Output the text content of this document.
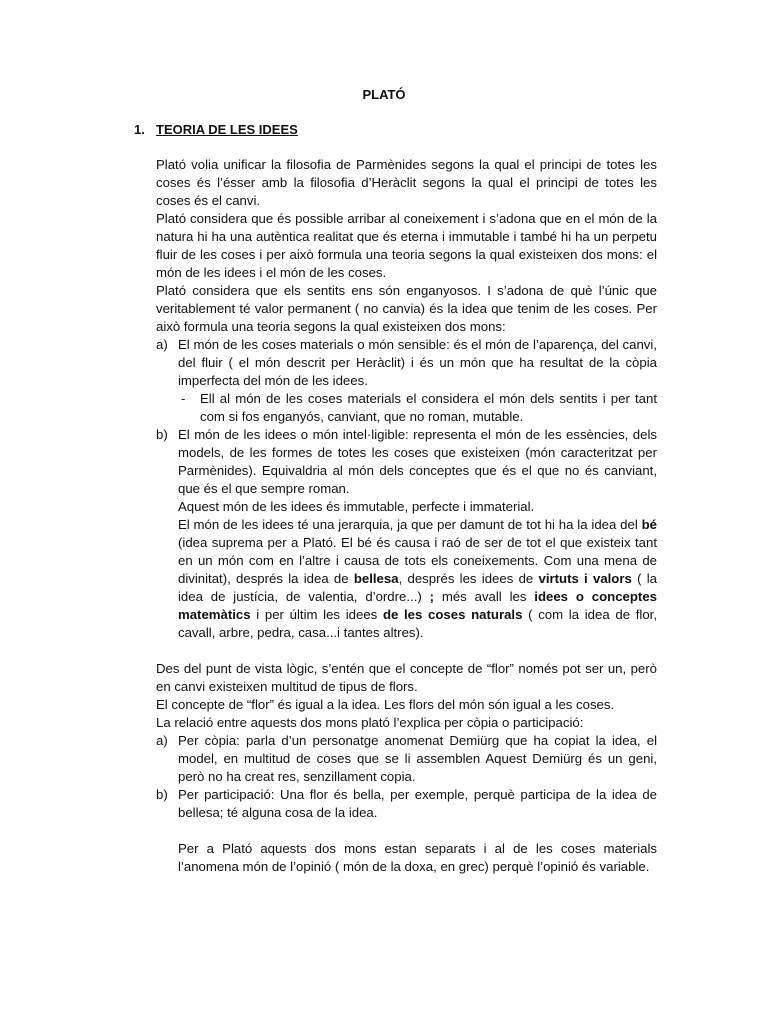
PLATÓ
1. TEORIA DE LES IDEES

Plató volia unificar la filosofia de Parmènides segons la qual el principi de totes les coses és l’ésser amb la filosofia d’Heràclit segons la qual el principi de totes les coses és el canvi.

Plató considera que és possible arribar al coneixement i s’adona que en el món de la natura hi ha una autèntica realitat que és eterna i immutable i també hi ha un perpetu fluir de les coses i per això formula una teoria segons la qual existeixen dos mons: el món de les idees i el món de les coses.

Plató considera que els sentits ens són enganyosos. I s’adona de què l’únic que veritablement té valor permanent ( no canvia) és la idea que tenim de les coses. Per això formula una teoria segons la qual existeixen dos mons:

a) El món de les coses materials o món sensible: és el món de l’aparença, del canvi, del fluir ( el món descrit per Heràclit) i és un món que ha resultat de la còpia imperfecta del món de les idees.
- Ell al món de les coses materials el considera el món dels sentits i per tant com si fos enganyós, canviant, que no roman, mutable.
b) El món de les idees o món intel·ligible: representa el món de les essències, dels models, de les formes de totes les coses que existeixen (món caracteritzat per Parmènides). Equivaldria al món dels conceptes que és el que no és canviant, que és el que sempre roman.

Aquest món de les idees és immutable, perfecte i immaterial.

El món de les idees té una jerarquia, ja que per damunt de tot hi ha la idea del bé (idea suprema per a Plató. El bé és causa i raó de ser de tot el que existeix tant en un món com en l’altre i causa de tots els coneixements. Com una mena de divinitat), després la idea de bellesa, després les idees de virtuts i valors ( la idea de justícia, de valentia, d’ordre...) ; més avall les idees o conceptes matemàtics i per últim les idees de les coses naturals ( com la idea de flor, cavall, arbre, pedra, casa...i tantes altres).

Des del punt de vista lògic, s’entén que el concepte de “flor” només pot ser un, però en canvi existeixen multitud de tipus de flors.

El concepte de “flor” és igual a la idea. Les flors del món són igual a les coses.

La relació entre aquests dos mons plató l’explica per còpia o participació:

a) Per còpia: parla d’un personatge anomenat Demiürg que ha copiat la idea, el model, en multitud de coses que se li assemblen Aquest Demiürg és un geni, però no ha creat res, senzillament copia.
b) Per participació: Una flor és bella, per exemple, perquè participa de la idea de bellesa; té alguna cosa de la idea.

Per a Plató aquests dos mons estan separats i al de les coses materials l’anomena món de l’opinió ( món de la doxa, en grec) perquè l’opinió és variable.
